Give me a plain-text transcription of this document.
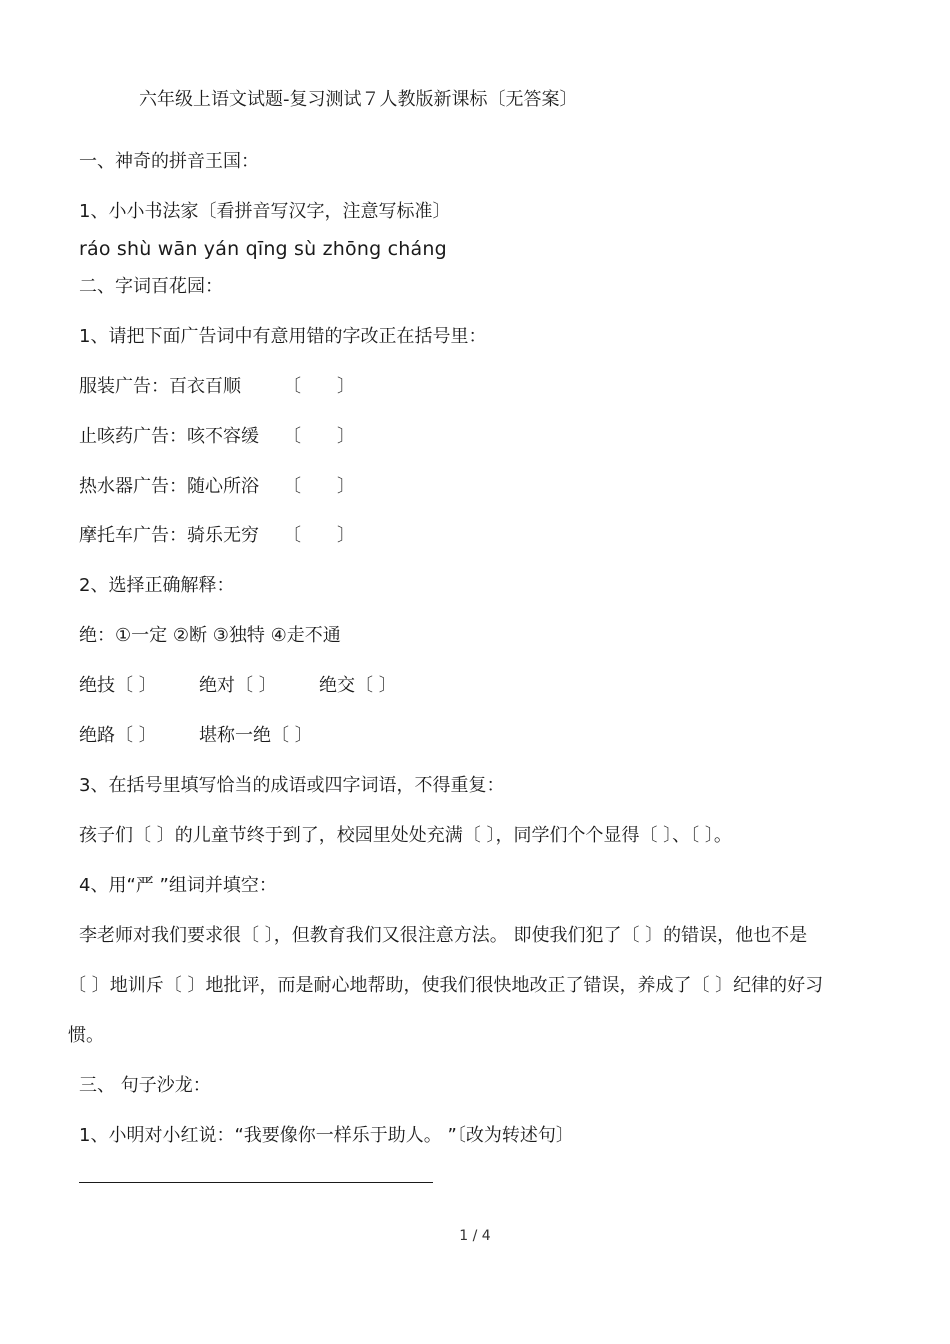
六年级上语文试题-复习测试７人教版新课标〔无答案〕
一、神奇的拼音王国：
1、小小书法家〔看拼音写汉字，注意写标准〕
ráo shù wān yán qīng sù zhōng cháng
二、字词百花园：
1、请把下面广告词中有意用错的字改正在括号里：
服装广告：百衣百顺 〔　　〕
止咳药广告：咳不容缓 〔　　〕
热水器广告：随心所浴 〔　　〕
摩托车广告：骑乐无穷 〔　　〕
2、选择正确解释：
绝：①一定 ②断 ③独特 ④走不通
绝技〔 〕 绝对〔 〕 绝交〔 〕
绝路〔 〕 堪称一绝〔 〕
3、在括号里填写恰当的成语或四字词语，不得重复：
孩子们〔 〕的儿童节终于到了，校园里处处充满〔 〕，同学们个个显得〔 〕、〔 〕。
4、用“严 ”组词并填空：
李老师对我们要求很〔 〕，但教育我们又很注意方法。 即使我们犯了〔 〕的错误，他也不是
〔 〕地训斥〔 〕地批评，而是耐心地帮助，使我们很快地改正了错误，养成了〔 〕纪律的好习
惯。
三、 句子沙龙：
1、小明对小红说：“我要像你一样乐于助人。 ”〔改为转述句〕
1 / 4
